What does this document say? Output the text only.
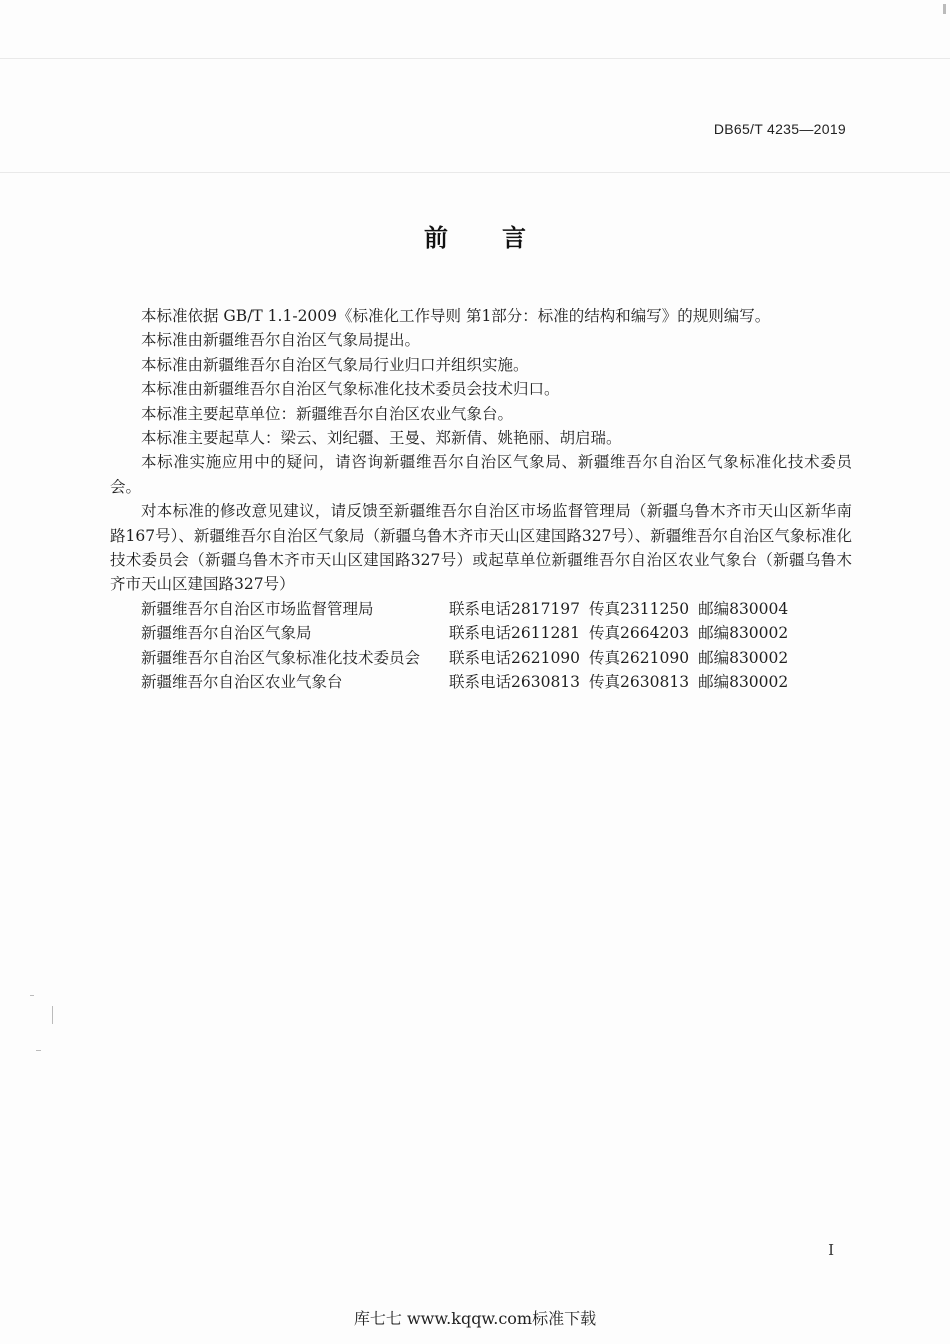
DB65/T 4235—2019
前言

本标准依据 GB/T 1.1-2009《标准化工作导则 第1部分：标准的结构和编写》的规则编写。

本标准由新疆维吾尔自治区气象局提出。

本标准由新疆维吾尔自治区气象局行业归口并组织实施。

本标准由新疆维吾尔自治区气象标准化技术委员会技术归口。

本标准主要起草单位：新疆维吾尔自治区农业气象台。

本标准主要起草人：梁云、刘纪疆、王曼、郑新倩、姚艳丽、胡启瑞。

本标准实施应用中的疑问，请咨询新疆维吾尔自治区气象局、新疆维吾尔自治区气象标准化技术委员会。

对本标准的修改意见建议，请反馈至新疆维吾尔自治区市场监督管理局（新疆乌鲁木齐市天山区新华南路167号）、新疆维吾尔自治区气象局（新疆乌鲁木齐市天山区建国路327号）、新疆维吾尔自治区气象标准化技术委员会（新疆乌鲁木齐市天山区建国路327号）或起草单位新疆维吾尔自治区农业气象台（新疆乌鲁木齐市天山区建国路327号）

新疆维吾尔自治区市场监督管理局	联系电话2817197 传真2311250 邮编830004
新疆维吾尔自治区气象局	联系电话2611281 传真2664203 邮编830002
新疆维吾尔自治区气象标准化技术委员会	联系电话2621090 传真2621090 邮编830002
新疆维吾尔自治区农业气象台	联系电话2630813 传真2630813 邮编830002
I
库七七 www.kqqw.com标准下载
